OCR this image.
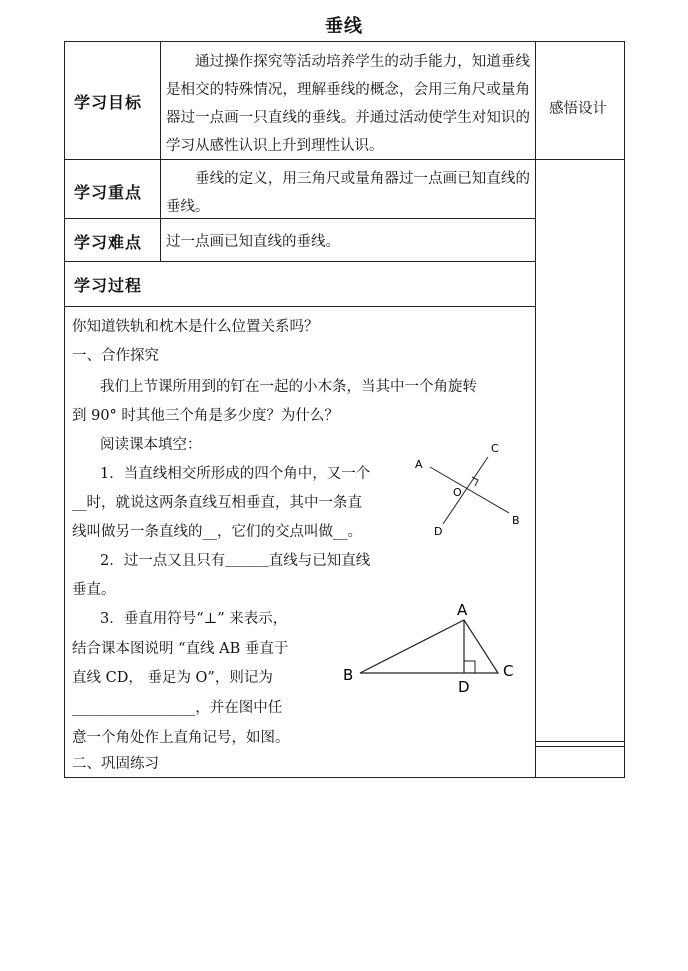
垂线
学习目标
学习重点
学习难点
学习过程
通过操作探究等活动培养学生的动手能力，知道垂线是相交的特殊情况，理解垂线的概念，会用三角尺或量角器过一点画一只直线的垂线。并通过活动使学生对知识的学习从感性认识上升到理性认识。
垂线的定义，用三角尺或量角器过一点画已知直线的垂线。
过一点画已知直线的垂线。
感悟设计
你知道铁轨和枕木是什么位置关系吗？
一、合作探究
我们上节课所用到的钉在一起的小木条，当其中一个角旋转
到 90° 时其他三个角是多少度？为什么？
阅读课本填空：
1．当直线相交所形成的四个角中，又一个
__时，就说这两条直线互相垂直，其中一条直
线叫做另一条直线的__，它们的交点叫做__。
2．过一点又且只有＿＿＿直线与已知直线
垂直。
3．垂直用符号“⊥” 来表示，
结合课本图说明 “直线 AB 垂直于
直线 CD， 垂足为 O”，则记为
_________________，并在图中任
意一个角处作上直角记号，如图。
二、巩固练习
A
C
O
B
D
A
B	C
D
